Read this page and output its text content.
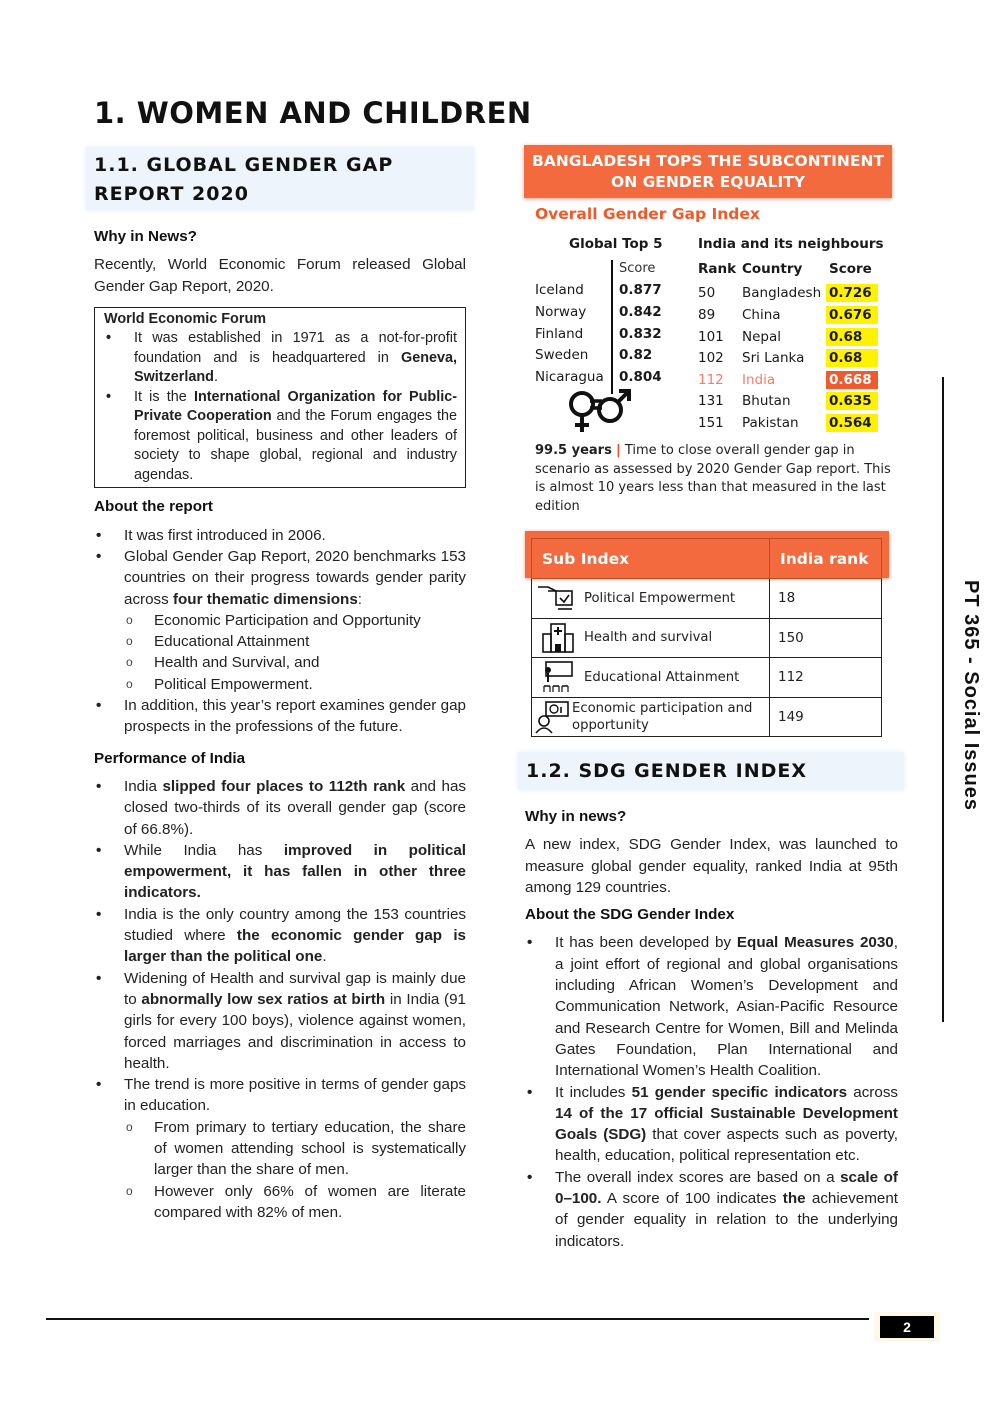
1. WOMEN AND CHILDREN
1.1. GLOBAL GENDER GAP REPORT 2020
Why in News?

Recently, World Economic Forum released Global Gender Gap Report, 2020.

World Economic Forum
• It was established in 1971 as a not-for-profit foundation and is headquartered in Geneva, Switzerland.
• It is the International Organization for Public-Private Cooperation and the Forum engages the foremost political, business and other leaders of society to shape global, regional and industry agendas.
About the report
• It was first introduced in 2006.
• Global Gender Gap Report, 2020 benchmarks 153 countries on their progress towards gender parity across four thematic dimensions:
o Economic Participation and Opportunity
o Educational Attainment
o Health and Survival, and
o Political Empowerment.
• In addition, this year’s report examines gender gap prospects in the professions of the future.
Performance of India
• India slipped four places to 112th rank and has closed two-thirds of its overall gender gap (score of 66.8%).
• While India has improved in political empowerment, it has fallen in other three indicators.
• India is the only country among the 153 countries studied where the economic gender gap is larger than the political one.
• Widening of Health and survival gap is mainly due to abnormally low sex ratios at birth in India (91 girls for every 100 boys), violence against women, forced marriages and discrimination in access to health.
• The trend is more positive in terms of gender gaps in education.
o From primary to tertiary education, the share of women attending school is systematically larger than the share of men.
o However only 66% of women are literate compared with 82% of men.
BANGLADESH TOPS THE SUBCONTINENT
ON GENDER EQUALITY
Overall Gender Gap Index
Global Top 5
Score
Iceland	0.877
Norway 0.842
Finland	0.832
Sweden 0.82
Nicaragua 0.804
India and its neighbours
Rank Country Score
50 Bangladesh 0.726
89 China	0.676
101 Nepal	0.68
102 Sri Lanka 0.68
112 India	0.668
131 Bhutan	0.635
151 Pakistan 0.564
99.5 years | Time to close overall gender gap in scenario as assessed by 2020 Gender Gap report. This is almost 10 years less than that measured in the last edition
Sub Index	India rank

Political Empowerment	18

Health and survival	150

Educational Attainment	112

Economic participation and opportunity	149
1.2. SDG GENDER INDEX
Why in news?

A new index, SDG Gender Index, was launched to measure global gender equality, ranked India at 95th among 129 countries.

About the SDG Gender Index
• It has been developed by Equal Measures 2030, a joint effort of regional and global organisations including African Women’s Development and Communication Network, Asian-Pacific Resource and Research Centre for Women, Bill and Melinda Gates Foundation, Plan International and International Women’s Health Coalition.
• It includes 51 gender specific indicators across 14 of the 17 official Sustainable Development Goals (SDG) that cover aspects such as poverty, health, education, political representation etc.
• The overall index scores are based on a scale of 0–100. A score of 100 indicates the achievement of gender equality in relation to the underlying indicators.
PT 365 - Social Issues
2
